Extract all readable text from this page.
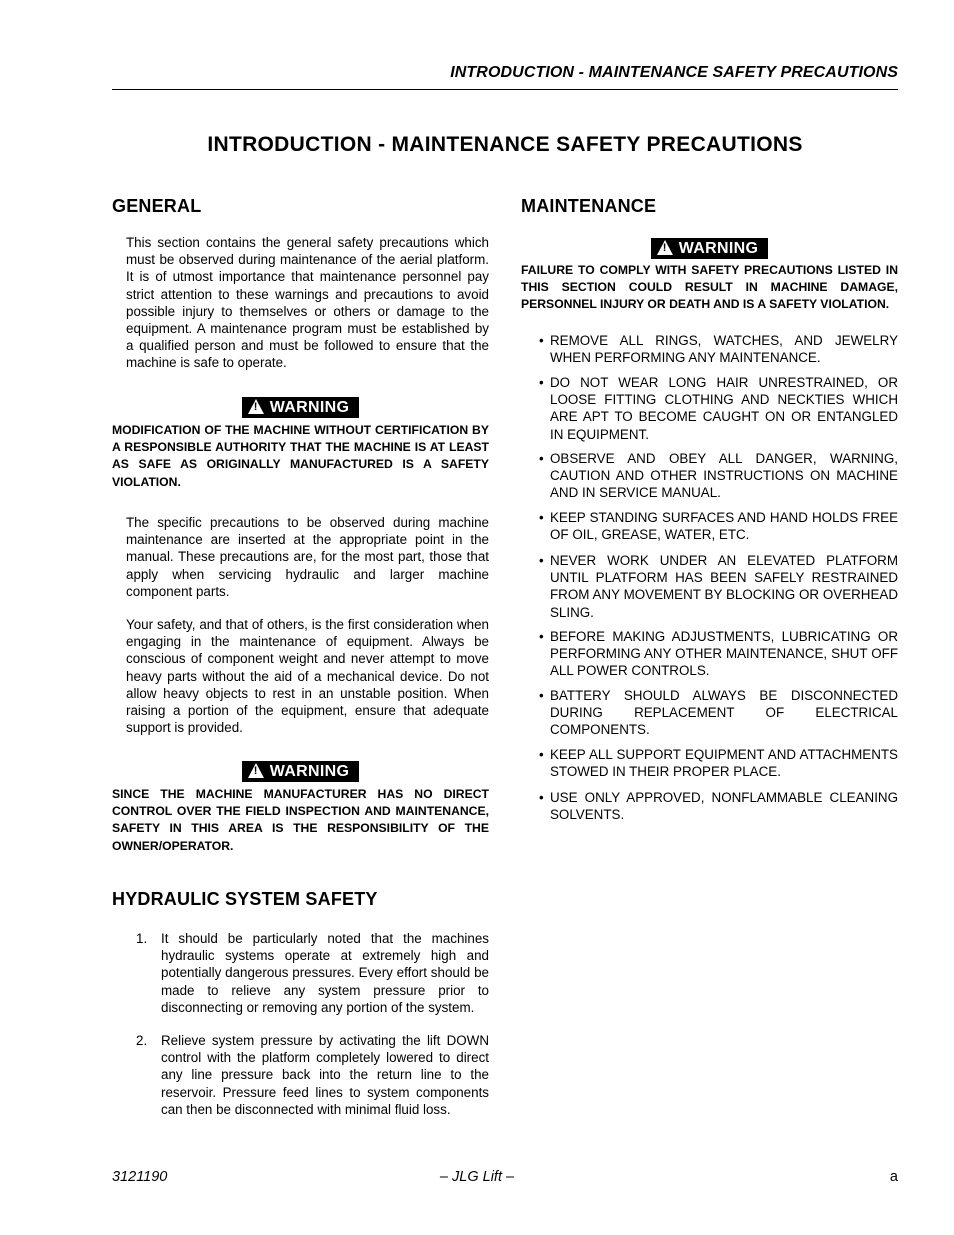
INTRODUCTION - MAINTENANCE SAFETY PRECAUTIONS
INTRODUCTION - MAINTENANCE SAFETY PRECAUTIONS
GENERAL

This section contains the general safety precautions which must be observed during maintenance of the aerial platform. It is of utmost importance that maintenance personnel pay strict attention to these warnings and precautions to avoid possible injury to themselves or others or damage to the equipment. A maintenance program must be established by a qualified person and must be followed to ensure that the machine is safe to operate.

!WARNING

MODIFICATION OF THE MACHINE WITHOUT CERTIFICATION BY A RESPONSIBLE AUTHORITY THAT THE MACHINE IS AT LEAST AS SAFE AS ORIGINALLY MANUFACTURED IS A SAFETY VIOLATION.

The specific precautions to be observed during machine maintenance are inserted at the appropriate point in the manual. These precautions are, for the most part, those that apply when servicing hydraulic and larger machine component parts.

Your safety, and that of others, is the first consideration when engaging in the maintenance of equipment. Always be conscious of component weight and never attempt to move heavy parts without the aid of a mechanical device. Do not allow heavy objects to rest in an unstable position. When raising a portion of the equipment, ensure that adequate support is provided.

!WARNING

SINCE THE MACHINE MANUFACTURER HAS NO DIRECT CONTROL OVER THE FIELD INSPECTION AND MAINTENANCE, SAFETY IN THIS AREA IS THE RESPONSIBILITY OF THE OWNER/OPERATOR.

HYDRAULIC SYSTEM SAFETY
1. It should be particularly noted that the machines hydraulic systems operate at extremely high and potentially dangerous pressures. Every effort should be made to relieve any system pressure prior to disconnecting or removing any portion of the system.
2. Relieve system pressure by activating the lift DOWN control with the platform completely lowered to direct any line pressure back into the return line to the reservoir. Pressure feed lines to system components can then be disconnected with minimal fluid loss.
MAINTENANCE
!WARNING

FAILURE TO COMPLY WITH SAFETY PRECAUTIONS LISTED IN THIS SECTION COULD RESULT IN MACHINE DAMAGE, PERSONNEL INJURY OR DEATH AND IS A SAFETY VIOLATION.

• REMOVE ALL RINGS, WATCHES, AND JEWELRY WHEN PERFORMING ANY MAINTENANCE.
• DO NOT WEAR LONG HAIR UNRESTRAINED, OR LOOSE FITTING CLOTHING AND NECKTIES WHICH ARE APT TO BECOME CAUGHT ON OR ENTANGLED IN EQUIPMENT.
• OBSERVE AND OBEY ALL DANGER, WARNING, CAUTION AND OTHER INSTRUCTIONS ON MACHINE AND IN SERVICE MANUAL.
• KEEP STANDING SURFACES AND HAND HOLDS FREE OF OIL, GREASE, WATER, ETC.
• NEVER WORK UNDER AN ELEVATED PLATFORM UNTIL PLATFORM HAS BEEN SAFELY RESTRAINED FROM ANY MOVEMENT BY BLOCKING OR OVERHEAD SLING.
• BEFORE MAKING ADJUSTMENTS, LUBRICATING OR PERFORMING ANY OTHER MAINTENANCE, SHUT OFF ALL POWER CONTROLS.
• BATTERY SHOULD ALWAYS BE DISCONNECTED DURING REPLACEMENT OF ELECTRICAL COMPONENTS.
• KEEP ALL SUPPORT EQUIPMENT AND ATTACHMENTS STOWED IN THEIR PROPER PLACE.
• USE ONLY APPROVED, NONFLAMMABLE CLEANING SOLVENTS.
– JLG Lift –
3121190	a
